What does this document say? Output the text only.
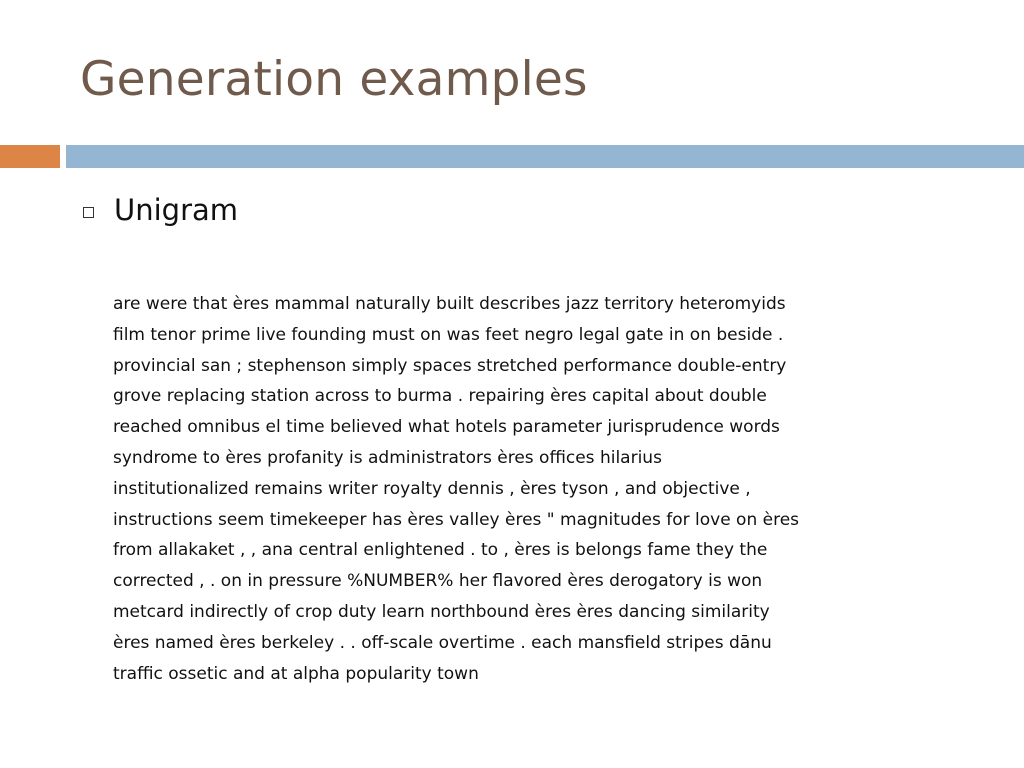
Generation examples
Unigram

are were that ères mammal naturally built describes jazz territory heteromyids
film tenor prime live founding must on was feet negro legal gate in on beside .
provincial san ; stephenson simply spaces stretched performance double-entry
grove replacing station across to burma . repairing ères capital about double
reached omnibus el time believed what hotels parameter jurisprudence words
syndrome to ères profanity is administrators ères offices hilarius
institutionalized remains writer royalty dennis , ères tyson , and objective ,
instructions seem timekeeper has ères valley ères " magnitudes for love on ères
from allakaket , , ana central enlightened . to , ères is belongs fame they the
corrected , . on in pressure %NUMBER% her flavored ères derogatory is won
metcard indirectly of crop duty learn northbound ères ères dancing similarity
ères named ères berkeley . . off-scale overtime . each mansfield stripes dānu
traffic ossetic and at alpha popularity town
